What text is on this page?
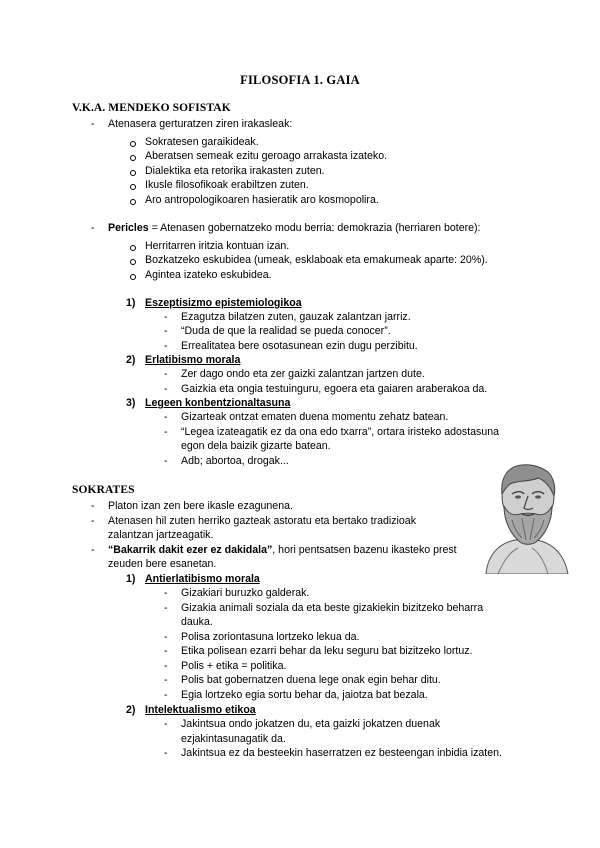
FILOSOFIA 1. GAIA
V.K.A. MENDEKO SOFISTAK
- Atenasera gerturatzen ziren irakasleak:
Sokratesen garaikideak.
Aberatsen semeak ezitu geroago arrakasta izateko.
Dialektika eta retorika irakasten zuten.
Ikusle filosofikoak erabiltzen zuten.
Aro antropologikoaren hasieratik aro kosmopolira.
- Pericles = Atenasen gobernatzeko modu berria: demokrazia (herriaren botere):
Herritarren iritzia kontuan izan.
Bozkatzeko eskubidea (umeak, esklaboak eta emakumeak aparte: 20%).
Agintea izateko eskubidea.
1) Eszeptisizmo epistemiologikoa
- Ezagutza bilatzen zuten, gauzak zalantzan jarriz.
- “Duda de que la realidad se pueda conocer”.
- Errealitatea bere osotasunean ezin dugu perzibitu.
2) Erlatibismo morala
- Zer dago ondo eta zer gaizki zalantzan jartzen dute.
- Gaizkia eta ongia testuinguru, egoera eta gaiaren araberakoa da.
3) Legeen konbentzionaltasuna
- Gizarteak ontzat ematen duena momentu zehatz batean.
- “Legea izateagatik ez da ona edo txarra”, ortara iristeko adostasuna
egon dela baizik gizarte batean.
- Adb; abortoa, drogak...
SOKRATES
- Platon izan zen bere ikasle ezagunena.
- Atenasen hil zuten herriko gazteak astoratu eta bertako tradizioak
zalantzan jartzeagatik.
- “Bakarrik dakit ezer ez dakidala”, hori pentsatsen bazenu ikasteko prest
zeuden bere esanetan.
1) Antierlatibismo morala
- Gizakiari buruzko galderak.
- Gizakia animali soziala da eta beste gizakiekin bizitzeko beharra
dauka.
- Polisa zoriontasuna lortzeko lekua da.
- Etika polisean ezarri behar da leku seguru bat bizitzeko lortuz.
- Polis + etika = politika.
- Polis bat gobernatzen duena lege onak egin behar ditu.
- Egia lortzeko egia sortu behar da, jaiotza bat bezala.
2) Intelektualismo etikoa
- Jakintsua ondo jokatzen du, eta gaizki jokatzen duenak
ezjakintasunagatik da.
- Jakintsua ez da besteekin haserratzen ez besteengan inbidia izaten.
